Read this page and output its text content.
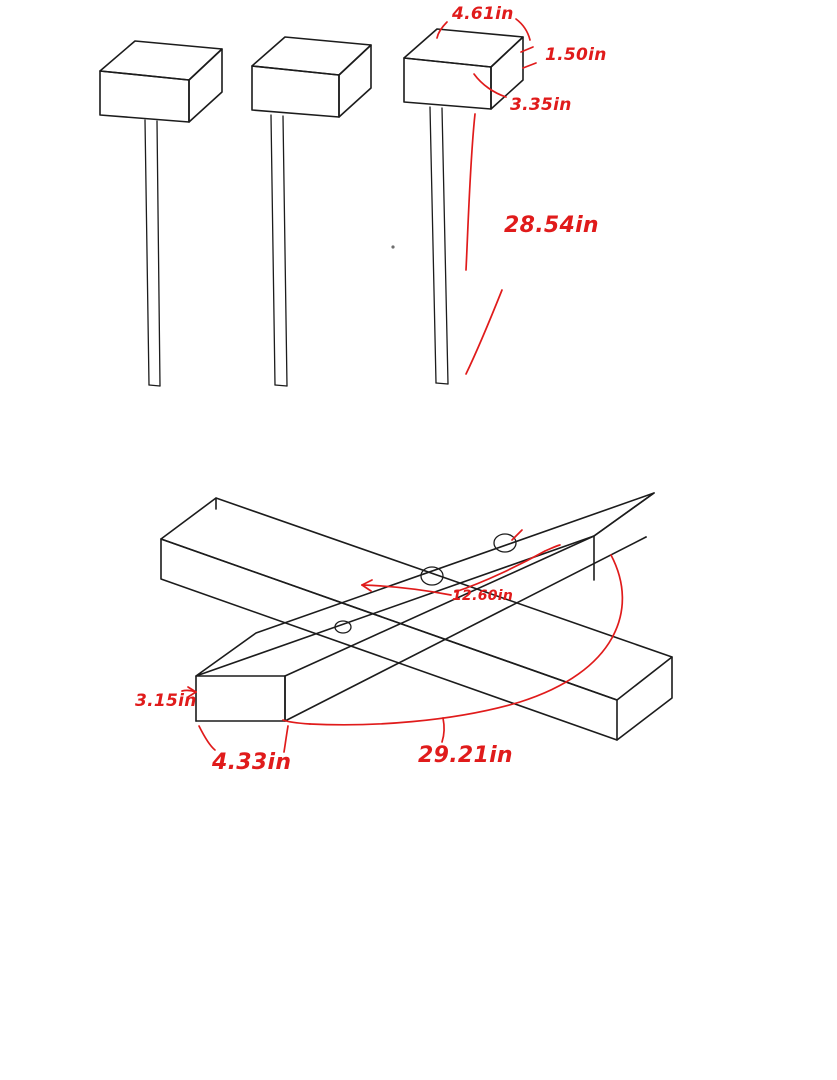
4.61in
1.50in
3.35in
28.54in
12.60in
3.15in
4.33in	29.21in
